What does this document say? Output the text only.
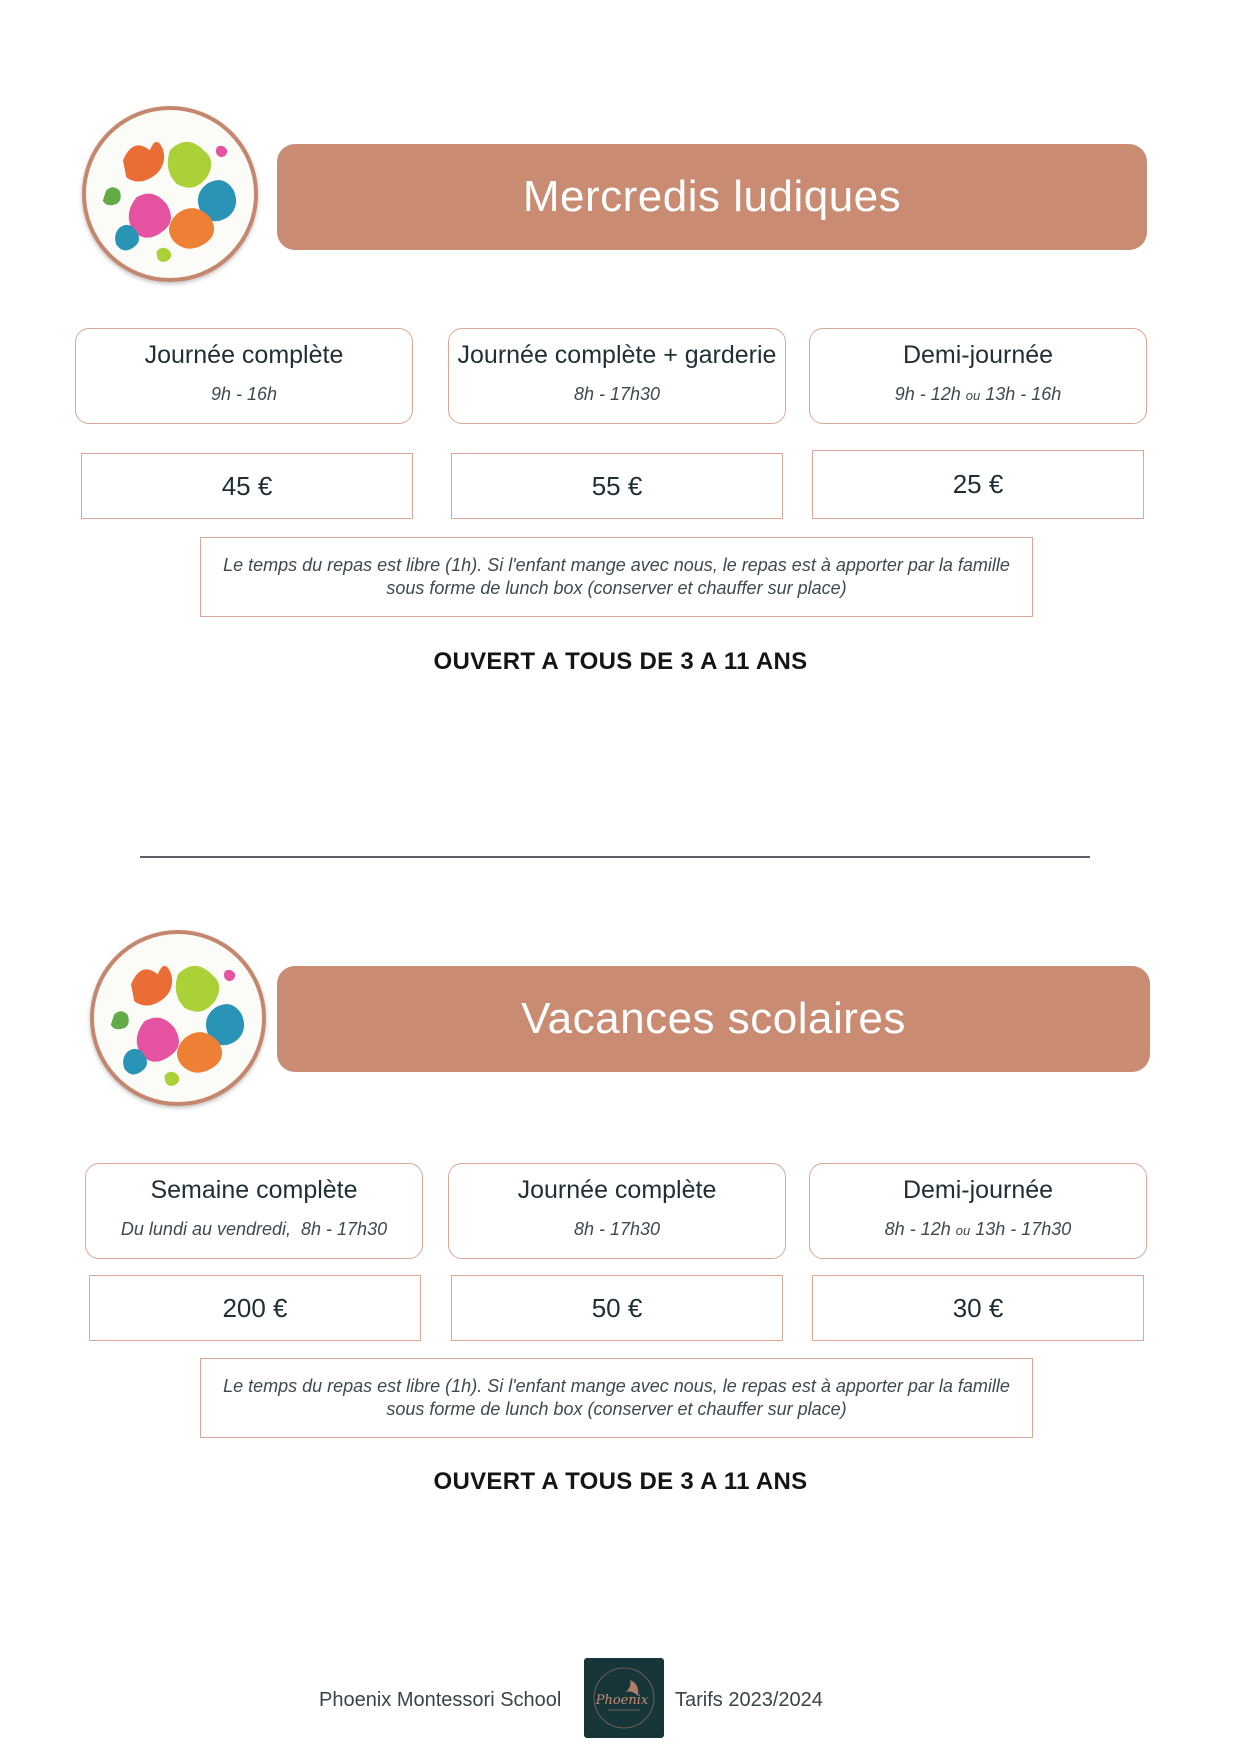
Mercredis ludiques
Journée complète
9h - 16h
Journée complète + garderie
8h - 17h30
Demi-journée
9h - 12h ou 13h - 16h
45 €	55 €	25 €
Le temps du repas est libre (1h). Si l'enfant mange avec nous, le repas est à apporter par la famille
sous forme de lunch box (conserver et chauffer sur place)
OUVERT A TOUS DE 3 A 11 ANS
Vacances scolaires
Semaine complète
Du lundi au vendredi,  8h - 17h30
Journée complète
8h - 17h30
Demi-journée
8h - 12h ou 13h - 17h30
200 €	50 €	30 €
Le temps du repas est libre (1h). Si l'enfant mange avec nous, le repas est à apporter par la famille
sous forme de lunch box (conserver et chauffer sur place)
OUVERT A TOUS DE 3 A 11 ANS
Phoenix Montessori School	Phoenix Tarifs 2023/2024
